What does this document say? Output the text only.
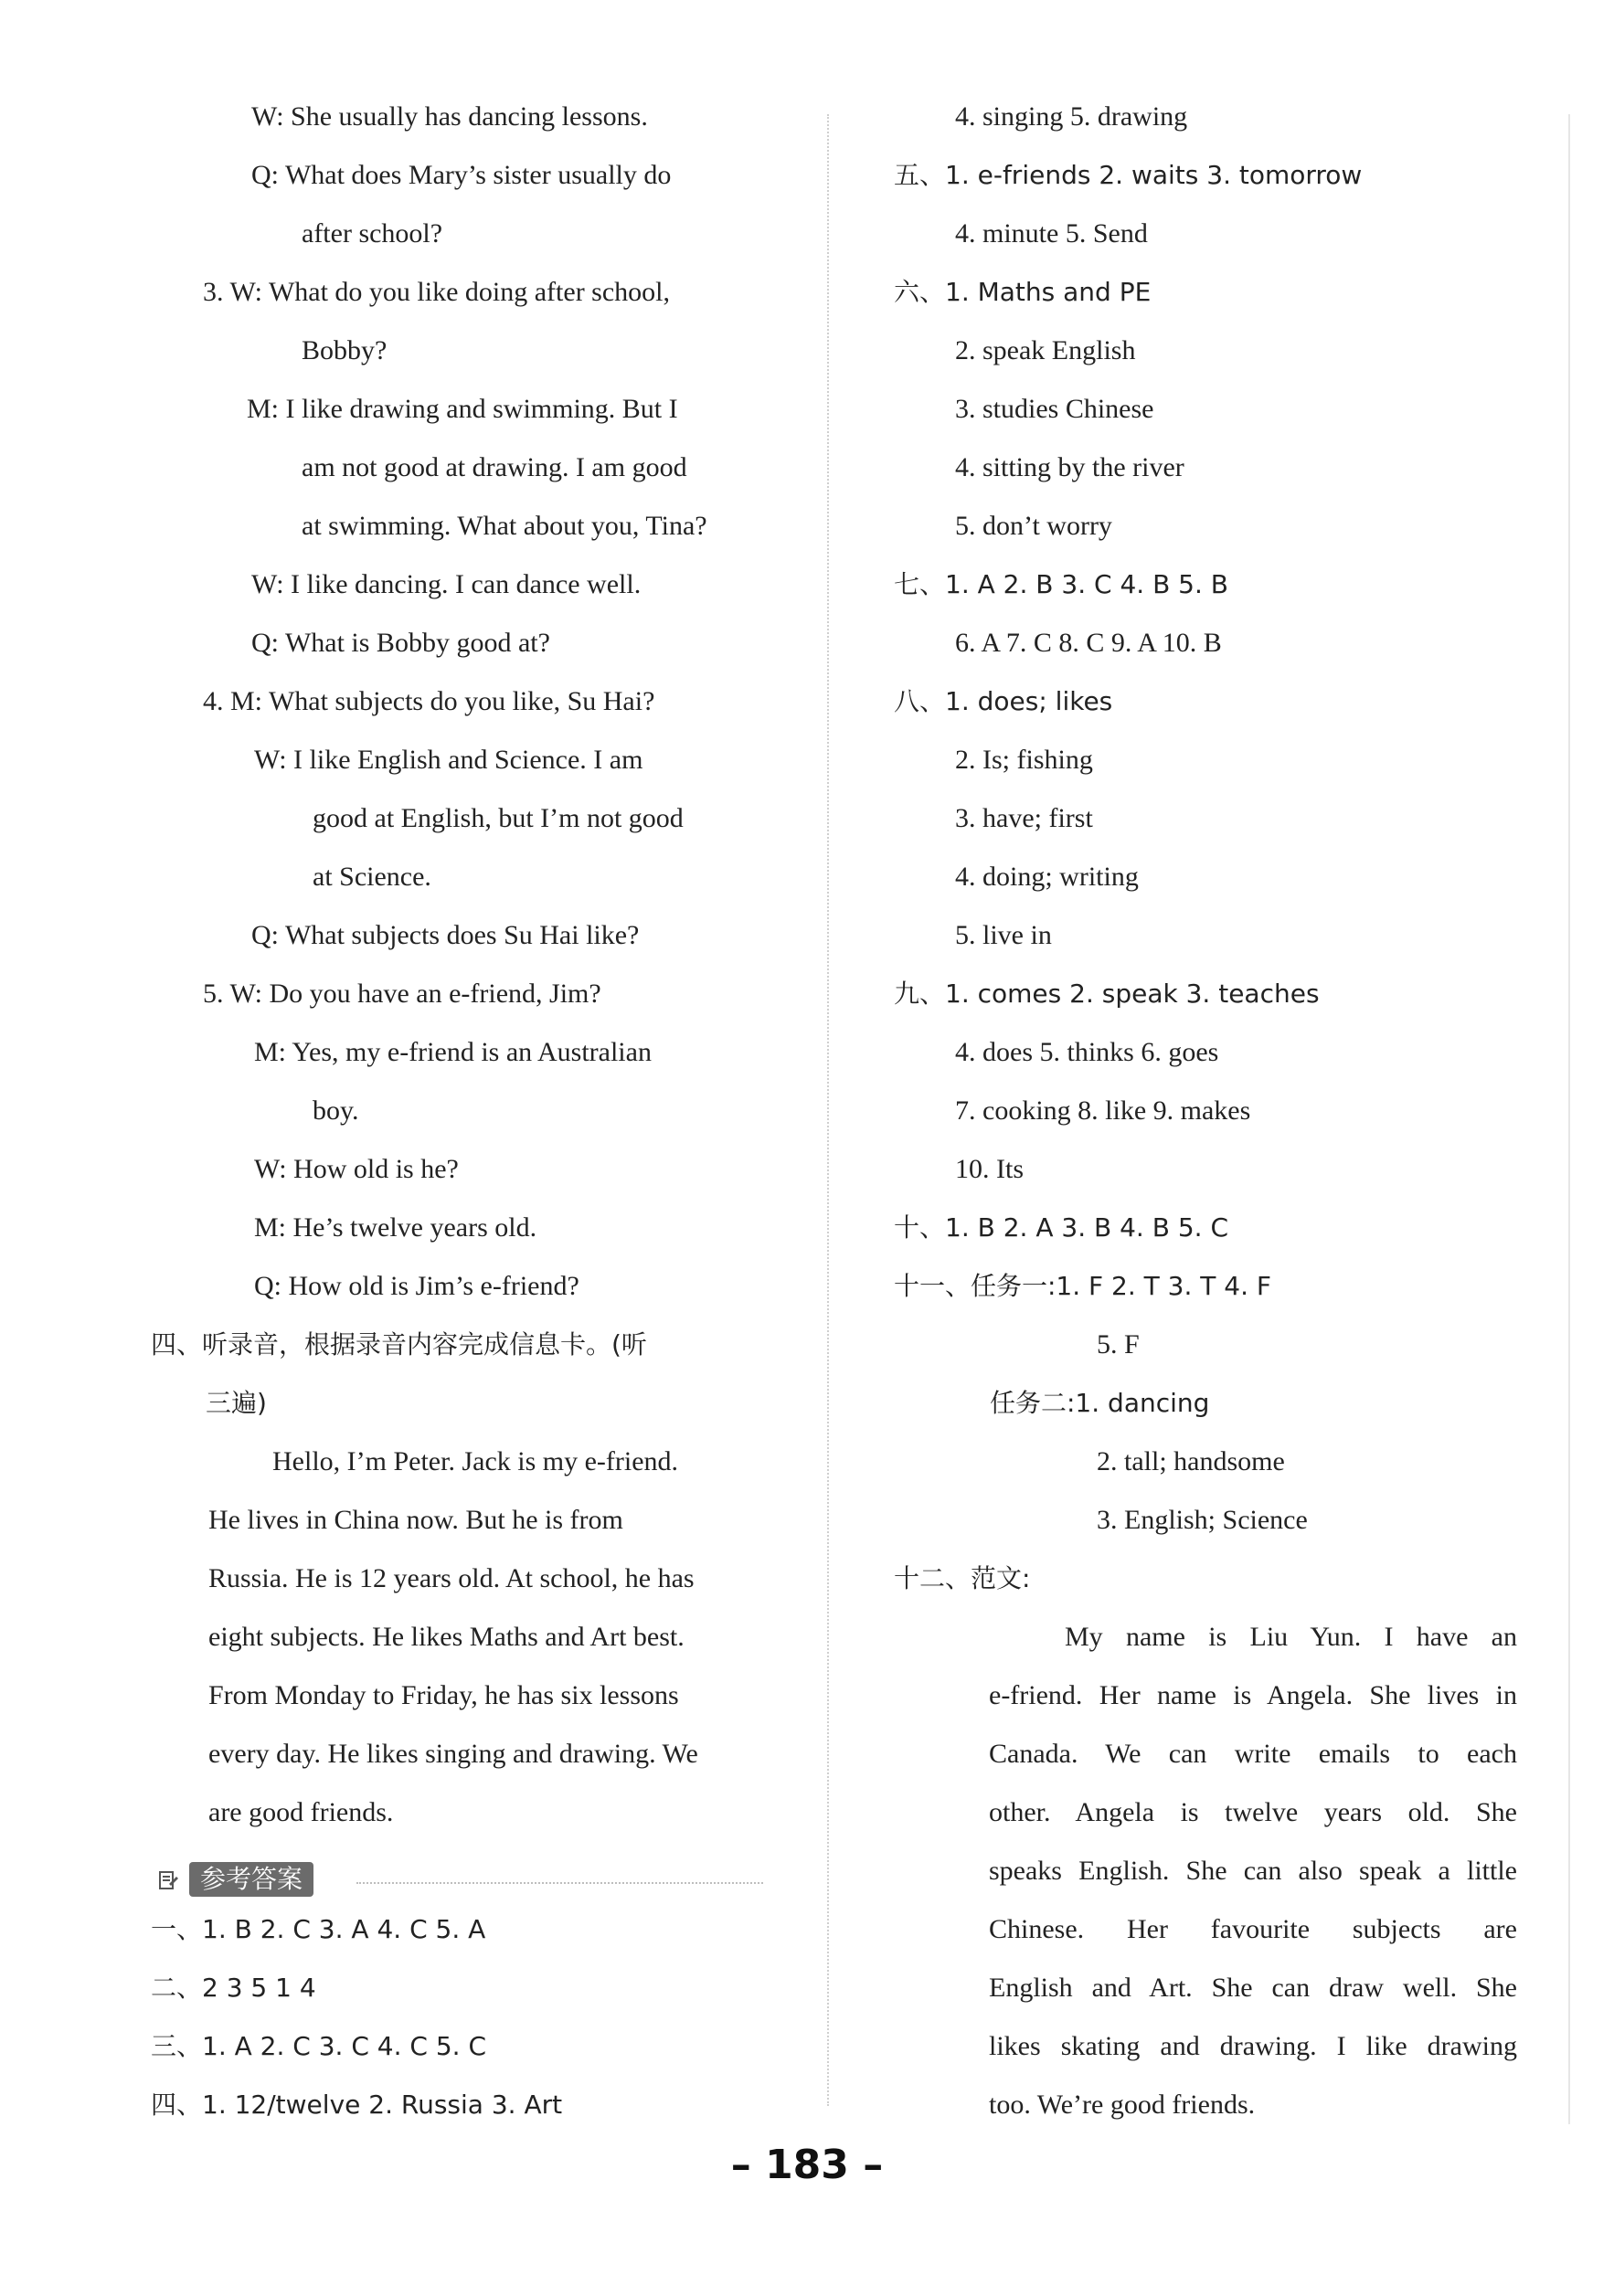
W: She usually has dancing lessons.
Q: What does Mary’s sister usually do
after school?
3. W: What do you like doing after school,
Bobby?
M: I like drawing and swimming. But I
am not good at drawing. I am good
at swimming. What about you, Tina?
W: I like dancing. I can dance well.
Q: What is Bobby good at?
4. M: What subjects do you like, Su Hai?
W: I like English and Science. I am
good at English, but I’m not good
at Science.
Q: What subjects does Su Hai like?
5. W: Do you have an e-friend, Jim?
M: Yes, my e-friend is an Australian
boy.
W: How old is he?
M: He’s twelve years old.
Q: How old is Jim’s e-friend?
四、听录音，根据录音内容完成信息卡。(听
三遍)
Hello, I’m Peter. Jack is my e-friend.
He lives in China now. But he is from
Russia. He is 12 years old. At school, he has
eight subjects. He likes Maths and Art best.
From Monday to Friday, he has six lessons
every day. He likes singing and drawing. We
are good friends.
一、1. B 2. C 3. A 4. C 5. A
二、2 3 5 1 4
三、1. A 2. C 3. C 4. C 5. C
四、1. 12/twelve 2. Russia 3. Art
4. singing 5. drawing
五、1. e-friends 2. waits 3. tomorrow
4. minute 5. Send
六、1. Maths and PE
2. speak English
3. studies Chinese
4. sitting by the river
5. don’t worry
七、1. A 2. B 3. C 4. B 5. B
6. A 7. C 8. C 9. A 10. B
八、1. does; likes
2. Is; fishing
3. have; first
4. doing; writing
5. live in
九、1. comes 2. speak 3. teaches
4. does 5. thinks 6. goes
7. cooking 8. like 9. makes
10. Its
十、1. B 2. A 3. B 4. B 5. C
十一、任务一:1. F 2. T 3. T 4. F
5. F
任务二:1. dancing
2. tall; handsome
3. English; Science
十二、范文:
My name is Liu Yun. I have an
e-friend. Her name is Angela. She lives in
Canada. We can write emails to each
other. Angela is twelve years old. She
speaks English. She can also speak a little
Chinese. Her favourite subjects are
English and Art. She can draw well. She
likes skating and drawing. I like drawing
too. We’re good friends.
参考答案
– 183 –
